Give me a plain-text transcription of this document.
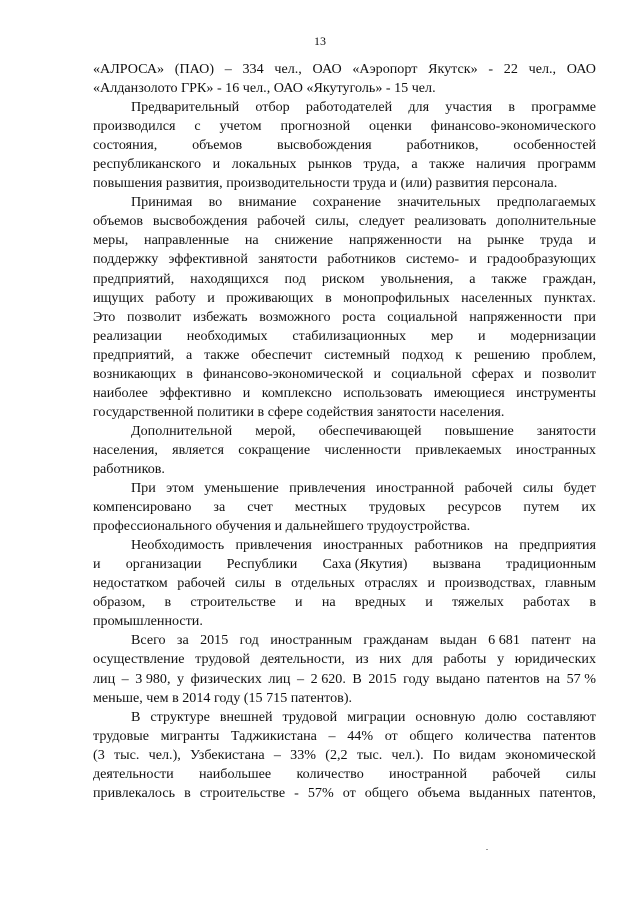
13
«АЛРОСА» (ПАО) – 334 чел., ОАО «Аэропорт Якутск» - 22 чел., ОАО
«Алданзолото ГРК» - 16 чел., ОАО «Якутуголь» - 15 чел.
Предварительный отбор работодателей для участия в программе
производился с учетом прогнозной оценки финансово-экономического
состояния, объемов высвобождения работников, особенностей
республиканского и локальных рынков труда, а также наличия программ
повышения развития, производительности труда и (или) развития персонала.
Принимая во внимание сохранение значительных предполагаемых
объемов высвобождения рабочей силы, следует реализовать дополнительные
меры, направленные на снижение напряженности на рынке труда и
поддержку эффективной занятости работников системо- и градообразующих
предприятий, находящихся под риском увольнения, а также граждан,
ищущих работу и проживающих в монопрофильных населенных пунктах.
Это позволит избежать возможного роста социальной напряженности при
реализации необходимых стабилизационных мер и модернизации
предприятий, а также обеспечит системный подход к решению проблем,
возникающих в финансово-экономической и социальной сферах и позволит
наиболее эффективно и комплексно использовать имеющиеся инструменты
государственной политики в сфере содействия занятости населения.
Дополнительной мерой, обеспечивающей повышение занятости
населения, является сокращение численности привлекаемых иностранных
работников.
При этом уменьшение привлечения иностранной рабочей силы будет
компенсировано за счет местных трудовых ресурсов путем их
профессионального обучения и дальнейшего трудоустройства.
Необходимость привлечения иностранных работников на предприятия
и организации Республики Саха (Якутия) вызвана традиционным
недостатком рабочей силы в отдельных отраслях и производствах, главным
образом, в строительстве и на вредных и тяжелых работах в
промышленности.
Всего за 2015 год иностранным гражданам выдан 6 681 патент на
осуществление трудовой деятельности, из них для работы у юридических
лиц – 3 980, у физических лиц – 2 620. В 2015 году выдано патентов на 57 %
меньше, чем в 2014 году (15 715 патентов).
В структуре внешней трудовой миграции основную долю составляют
трудовые мигранты Таджикистана – 44% от общего количества патентов
(3 тыс. чел.), Узбекистана – 33% (2,2 тыс. чел.). По видам экономической
деятельности наибольшее количество иностранной рабочей силы
привлекалось в строительстве - 57% от общего объема выданных патентов,
